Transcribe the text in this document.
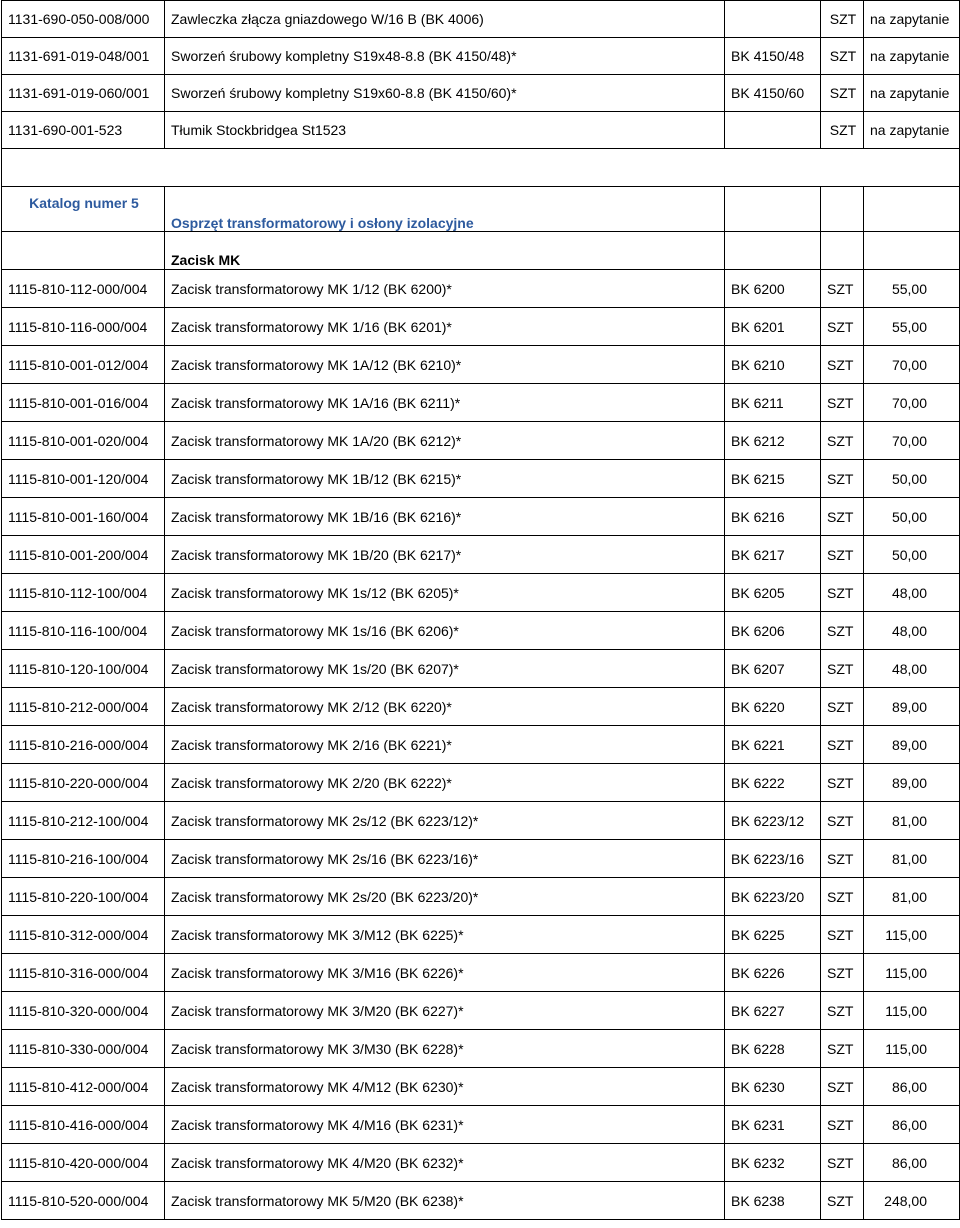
1131-690-050-008/000	Zawleczka złącza gniazdowego W/16 B (BK 4006)		SZT	na zapytanie
1131-691-019-048/001	Sworzeń śrubowy kompletny S19x48-8.8 (BK 4150/48)*	BK 4150/48	SZT	na zapytanie
1131-691-019-060/001	Sworzeń śrubowy kompletny S19x60-8.8 (BK 4150/60)*	BK 4150/60	SZT	na zapytanie
1131-690-001-523	Tłumik Stockbridgea St1523		SZT	na zapytanie

Katalog numer 5	Osprzęt transformatorowy i osłony izolacyjne			
	Zacisk MK			
1115-810-112-000/004	Zacisk transformatorowy MK 1/12 (BK 6200)*	BK 6200	SZT	55,00
1115-810-116-000/004	Zacisk transformatorowy MK 1/16 (BK 6201)*	BK 6201	SZT	55,00
1115-810-001-012/004	Zacisk transformatorowy MK 1A/12 (BK 6210)*	BK 6210	SZT	70,00
1115-810-001-016/004	Zacisk transformatorowy MK 1A/16 (BK 6211)*	BK 6211	SZT	70,00
1115-810-001-020/004	Zacisk transformatorowy MK 1A/20 (BK 6212)*	BK 6212	SZT	70,00
1115-810-001-120/004	Zacisk transformatorowy MK 1B/12 (BK 6215)*	BK 6215	SZT	50,00
1115-810-001-160/004	Zacisk transformatorowy MK 1B/16 (BK 6216)*	BK 6216	SZT	50,00
1115-810-001-200/004	Zacisk transformatorowy MK 1B/20 (BK 6217)*	BK 6217	SZT	50,00
1115-810-112-100/004	Zacisk transformatorowy MK 1s/12 (BK 6205)*	BK 6205	SZT	48,00
1115-810-116-100/004	Zacisk transformatorowy MK 1s/16 (BK 6206)*	BK 6206	SZT	48,00
1115-810-120-100/004	Zacisk transformatorowy MK 1s/20 (BK 6207)*	BK 6207	SZT	48,00
1115-810-212-000/004	Zacisk transformatorowy MK 2/12 (BK 6220)*	BK 6220	SZT	89,00
1115-810-216-000/004	Zacisk transformatorowy MK 2/16 (BK 6221)*	BK 6221	SZT	89,00
1115-810-220-000/004	Zacisk transformatorowy MK 2/20 (BK 6222)*	BK 6222	SZT	89,00
1115-810-212-100/004	Zacisk transformatorowy MK 2s/12 (BK 6223/12)*	BK 6223/12	SZT	81,00
1115-810-216-100/004	Zacisk transformatorowy MK 2s/16 (BK 6223/16)*	BK 6223/16	SZT	81,00
1115-810-220-100/004	Zacisk transformatorowy MK 2s/20 (BK 6223/20)*	BK 6223/20	SZT	81,00
1115-810-312-000/004	Zacisk transformatorowy MK 3/M12 (BK 6225)*	BK 6225	SZT	115,00
1115-810-316-000/004	Zacisk transformatorowy MK 3/M16 (BK 6226)*	BK 6226	SZT	115,00
1115-810-320-000/004	Zacisk transformatorowy MK 3/M20 (BK 6227)*	BK 6227	SZT	115,00
1115-810-330-000/004	Zacisk transformatorowy MK 3/M30 (BK 6228)*	BK 6228	SZT	115,00
1115-810-412-000/004	Zacisk transformatorowy MK 4/M12 (BK 6230)*	BK 6230	SZT	86,00
1115-810-416-000/004	Zacisk transformatorowy MK 4/M16 (BK 6231)*	BK 6231	SZT	86,00
1115-810-420-000/004	Zacisk transformatorowy MK 4/M20 (BK 6232)*	BK 6232	SZT	86,00
1115-810-520-000/004	Zacisk transformatorowy MK 5/M20 (BK 6238)*	BK 6238	SZT	248,00
